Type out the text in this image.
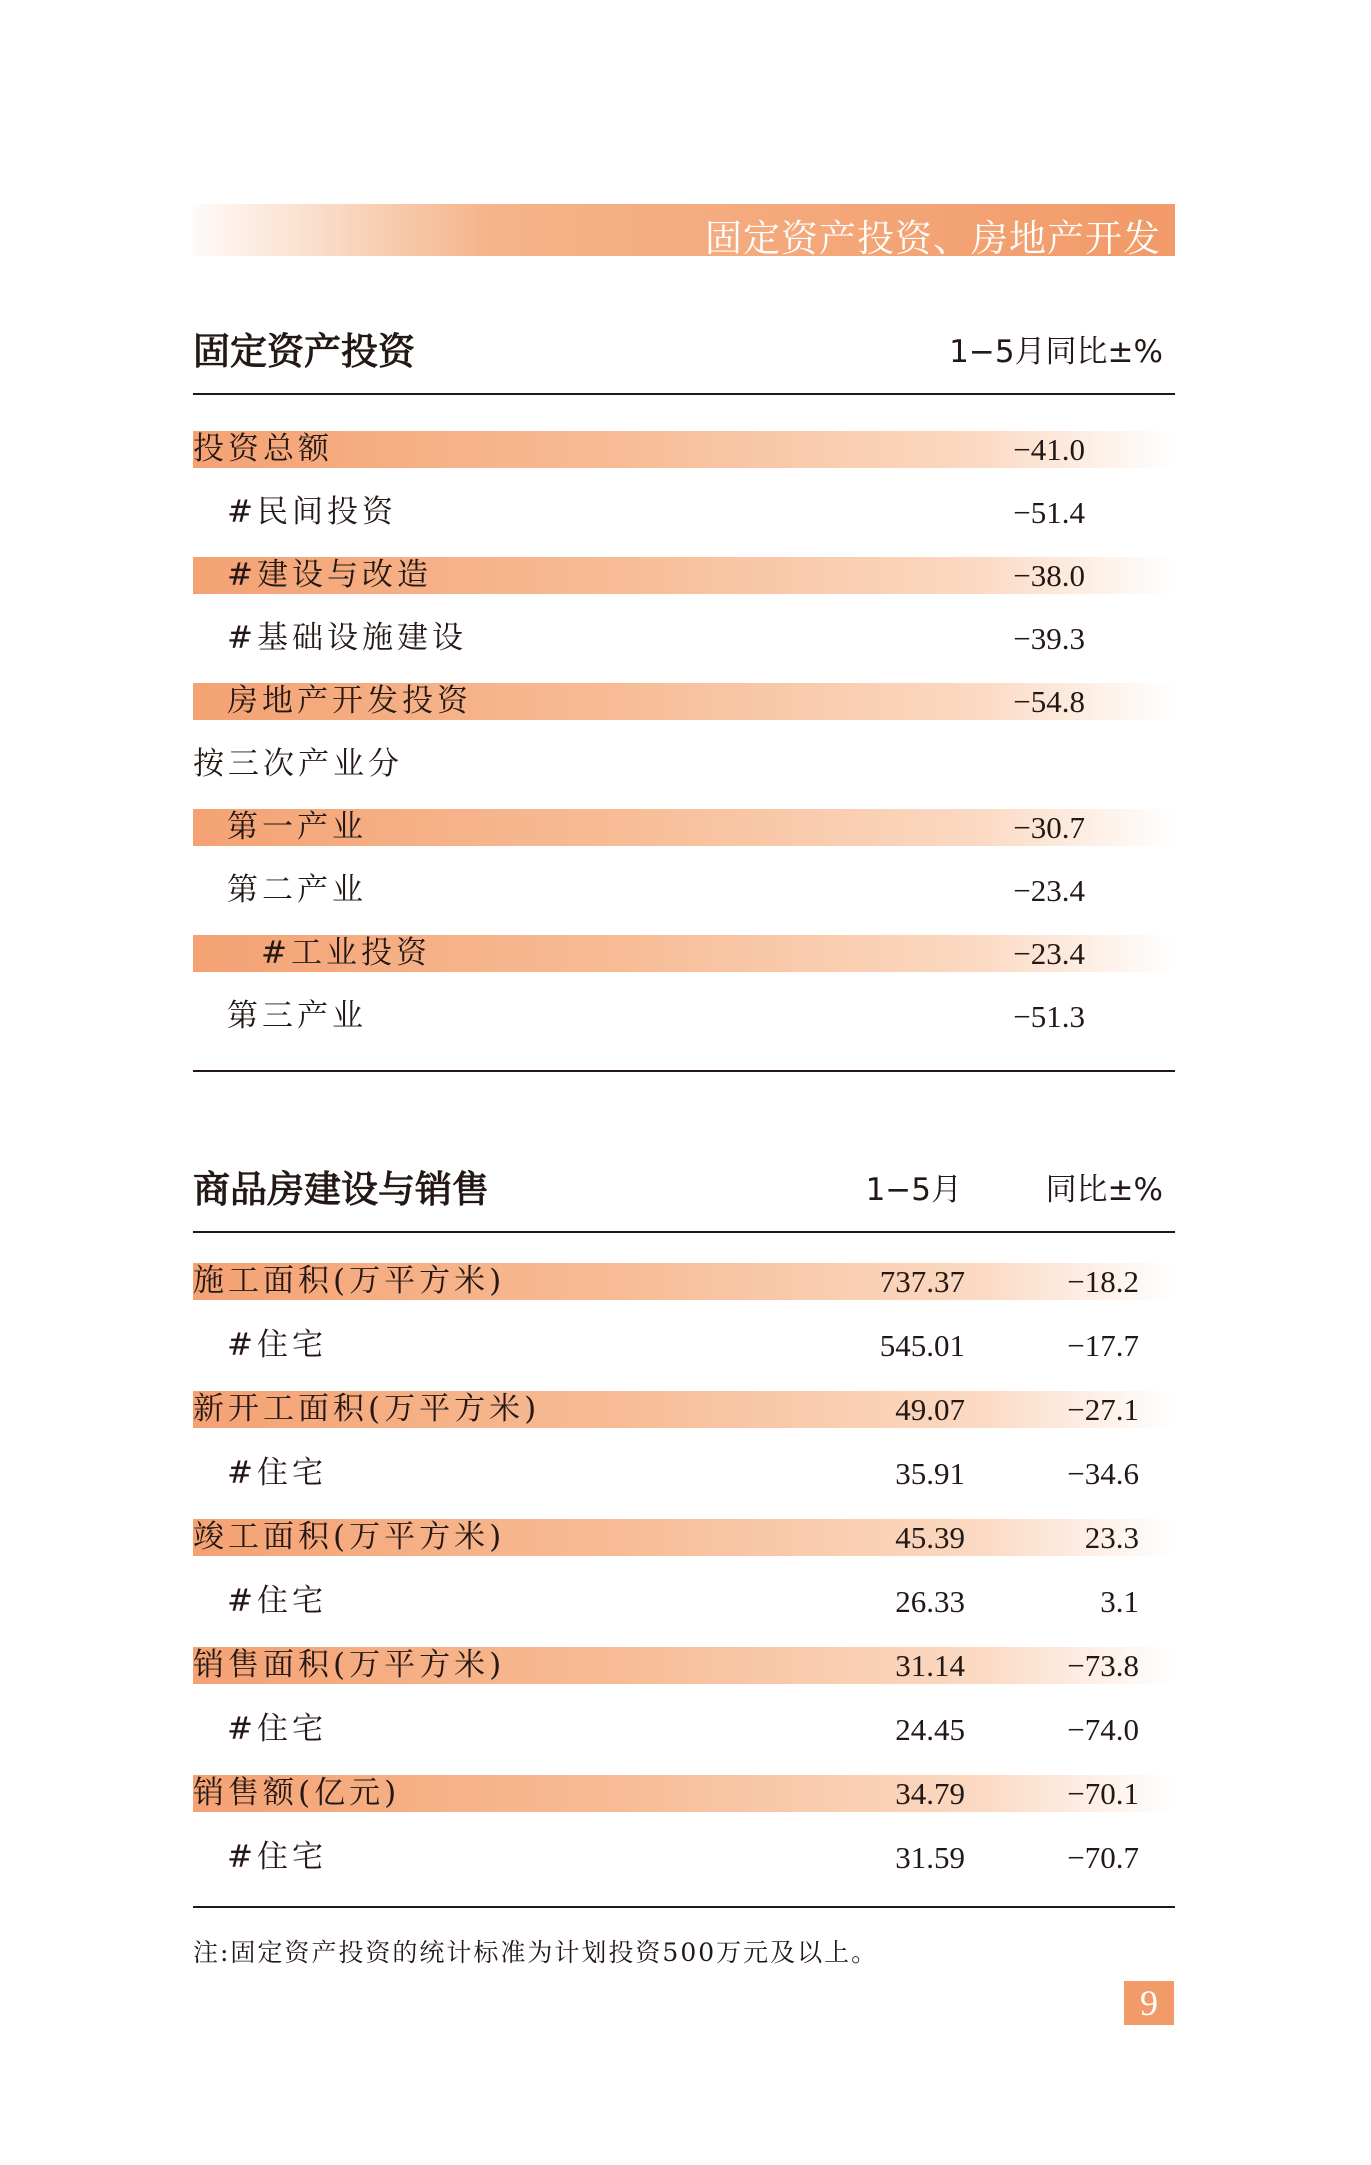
固定资产投资、房地产开发
固定资产投资	1−5月同比±%
投资总额	−41.0
#民间投资	−51.4
#建设与改造	−38.0
#基础设施建设	−39.3
房地产开发投资	−54.8
按三次产业分
第一产业	−30.7
第二产业	−23.4
#工业投资	−23.4
第三产业	−51.3
商品房建设与销售	1−5月	同比±%
施工面积(万平方米)	737.37	−18.2
#住宅	545.01	−17.7
新开工面积(万平方米)	49.07	−27.1
#住宅	35.91	−34.6
竣工面积(万平方米)	45.39	23.3
#住宅	26.33	3.1
销售面积(万平方米)	31.14	−73.8
#住宅	24.45	−74.0
销售额(亿元)	34.79	−70.1
#住宅	31.59	−70.7
注:固定资产投资的统计标准为计划投资500万元及以上。
9
